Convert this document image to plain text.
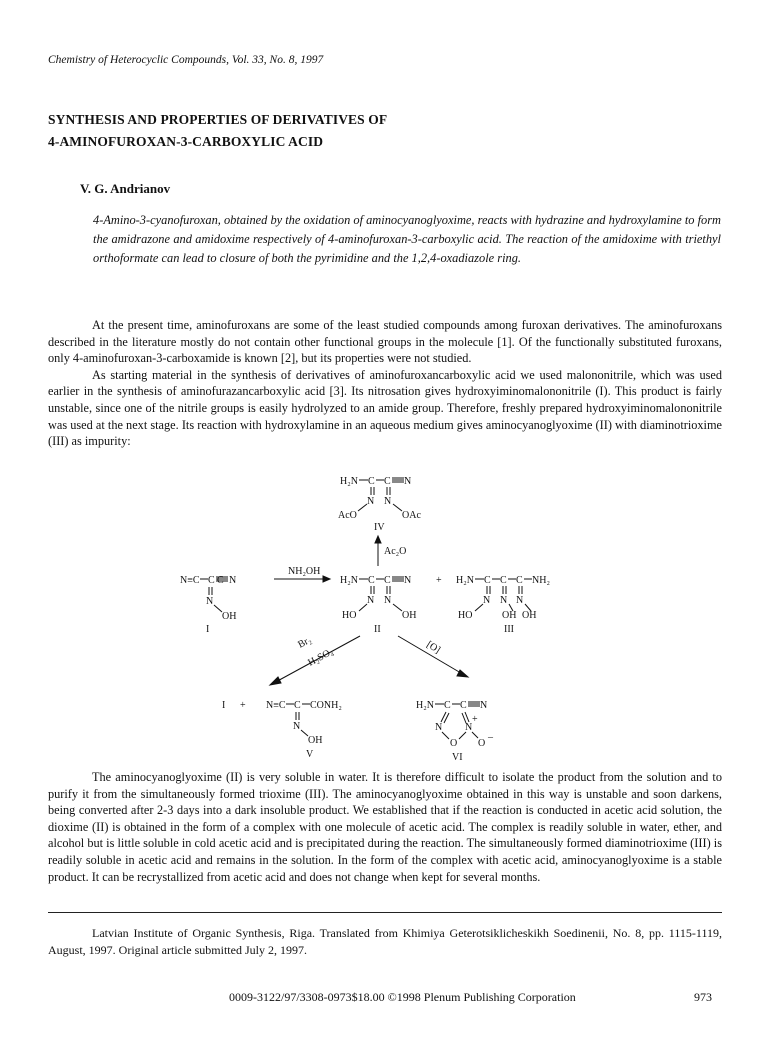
Chemistry of Heterocyclic Compounds, Vol. 33, No. 8, 1997
SYNTHESIS AND PROPERTIES OF DERIVATIVES OF
4-AMINOFUROXAN-3-CARBOXYLIC ACID
V. G. Andrianov
4-Amino-3-cyanofuroxan, obtained by the oxidation of aminocyanoglyoxime, reacts with hydrazine and hydroxylamine to form the amidrazone and amidoxime respectively of 4-aminofuroxan-3-carboxylic acid. The reaction of the amidoxime with triethyl orthoformate can lead to closure of both the pyrimidine and the 1,2,4-oxadiazole ring.

At the present time, aminofuroxans are some of the least studied compounds among furoxan derivatives. The aminofuroxans described in the literature mostly do not contain other functional groups in the molecule [1]. Of the functionally substituted furoxans, only 4-aminofuroxan-3-carboxamide is known [2], but its properties were not studied.

As starting material in the synthesis of derivatives of aminofuroxancarboxylic acid we used malononitrile, which was used earlier in the synthesis of aminofurazancarboxylic acid [3]. Its nitrosation gives hydroxyiminomalononitrile (I). This product is fairly unstable, since one of the nitrile groups is easily hydrolyzed to an amide group. Therefore, freshly prepared hydroxyiminomalononitrile was used at the next stage. Its reaction with hydroxylamine in an aqueous medium gives aminocyanoglyoxime (II) with diaminotrioxime (III) as impurity:

H₂N C C N
N N
AcO	OAc
IV
Ac₂O
N≡C C C N
N
OH
I
NH₂OH
H₂N C C N
N N
HO	OH
II
+ H₂N C C C NH₂
N N N
HO	OH OH
III
Br₂
H₂SO₄	[O]
I + N≡C C CONH₂
N
OH
V
H₂N C C N
N N
+
O O
–
VI

The aminocyanoglyoxime (II) is very soluble in water. It is therefore difficult to isolate the product from the solution and to purify it from the simultaneously formed trioxime (III). The aminocyanoglyoxime obtained in this way is unstable and soon darkens, being converted after 2-3 days into a dark insoluble product. We established that if the reaction is conducted in acetic acid solution, the dioxime (II) is obtained in the form of a complex with one molecule of acetic acid. The complex is readily soluble in water, ether, and alcohol but is little soluble in cold acetic acid and is precipitated during the reaction. The simultaneously formed diaminotrioxime (III) is readily soluble in acetic acid and remains in the solution. In the form of the complex with acetic acid, aminocyanoglyoxime is a stable product. It can be recrystallized from acetic acid and does not change when kept for several months.

Latvian Institute of Organic Synthesis, Riga. Translated from Khimiya Geterotsiklicheskikh Soedinenii, No. 8, pp. 1115-1119, August, 1997. Original article submitted July 2, 1997.

0009-3122/97/3308-0973$18.00 ©1998 Plenum Publishing Corporation	973
